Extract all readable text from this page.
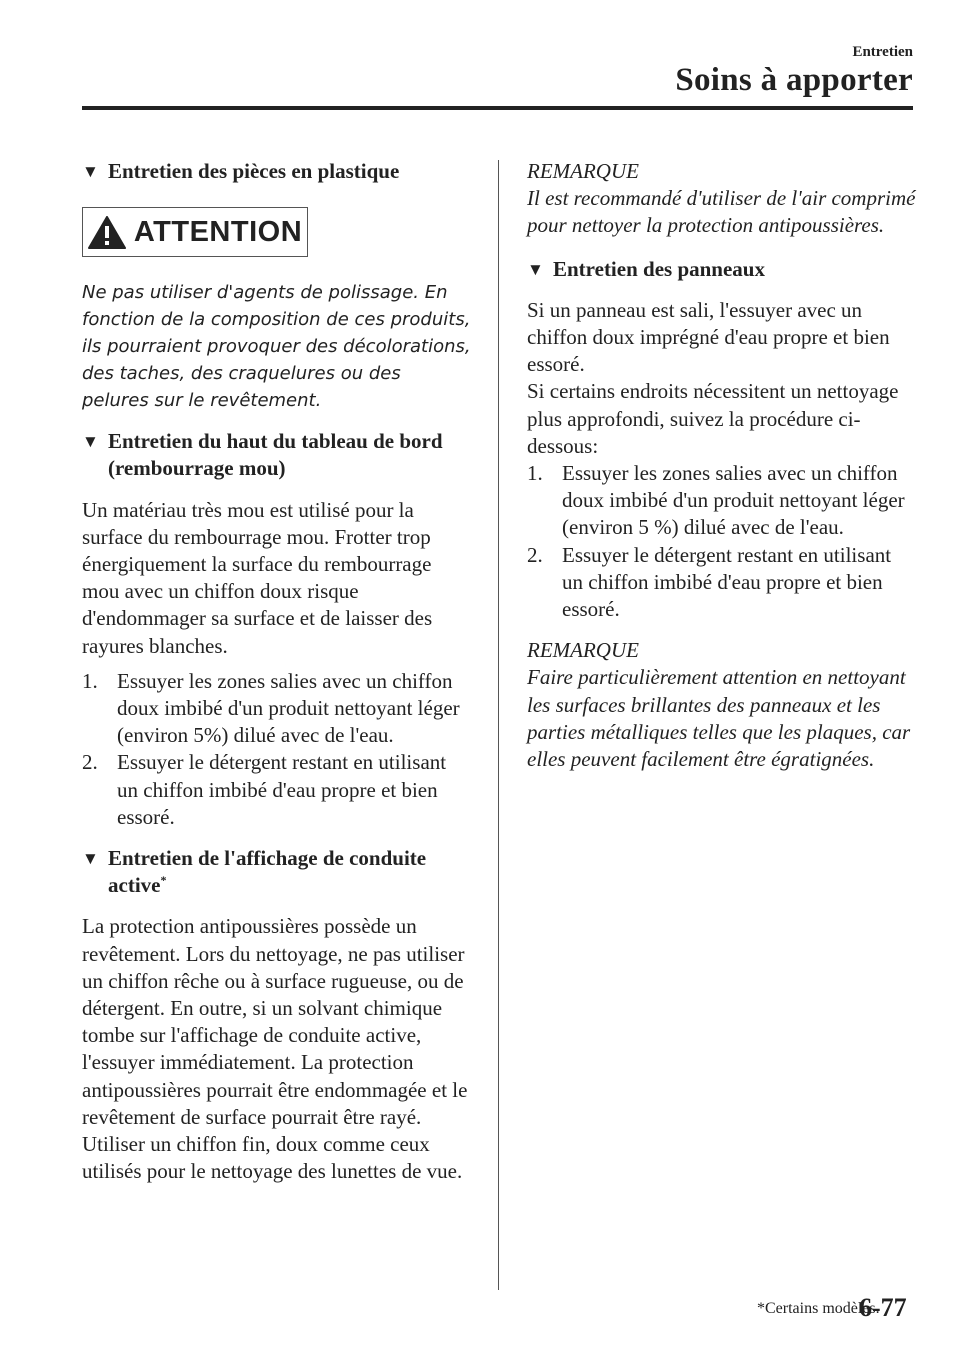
Entretien
Soins à apporter
▼ Entretien des pièces en plastique
ATTENTION

Ne pas utiliser d'agents de polissage. En fonction de la composition de ces produits, ils pourraient provoquer des décolorations, des taches, des craquelures ou des pelures sur le revêtement.

▼ Entretien du haut du tableau de bord (rembourrage mou)

Un matériau très mou est utilisé pour la surface du rembourrage mou. Frotter trop énergiquement la surface du rembourrage mou avec un chiffon doux risque d'endommager sa surface et de laisser des rayures blanches.

1. Essuyer les zones salies avec un chiffon doux imbibé d'un produit nettoyant léger (environ 5%) dilué avec de l'eau.
2. Essuyer le détergent restant en utilisant un chiffon imbibé d'eau propre et bien essoré.
▼ Entretien de l'affichage de conduite active*

La protection antipoussières possède un revêtement. Lors du nettoyage, ne pas utiliser un chiffon rêche ou à surface rugueuse, ou de détergent. En outre, si un solvant chimique tombe sur l'affichage de conduite active, l'essuyer immédiatement. La protection antipoussières pourrait être endommagée et le revêtement de surface pourrait être rayé. Utiliser un chiffon fin, doux comme ceux utilisés pour le nettoyage des lunettes de vue.

REMARQUE
Il est recommandé d'utiliser de l'air comprimé pour nettoyer la protection antipoussières.
▼ Entretien des panneaux

Si un panneau est sali, l'essuyer avec un chiffon doux imprégné d'eau propre et bien essoré.

Si certains endroits nécessitent un nettoyage plus approfondi, suivez la procédure ci-dessous:

1. Essuyer les zones salies avec un chiffon doux imbibé d'un produit nettoyant léger (environ 5 %) dilué avec de l'eau.
2. Essuyer le détergent restant en utilisant un chiffon imbibé d'eau propre et bien essoré.
REMARQUE
Faire particulièrement attention en nettoyant les surfaces brillantes des panneaux et les parties métalliques telles que les plaques, car elles peuvent facilement être égratignées.
*Certains modèles.
6-77
